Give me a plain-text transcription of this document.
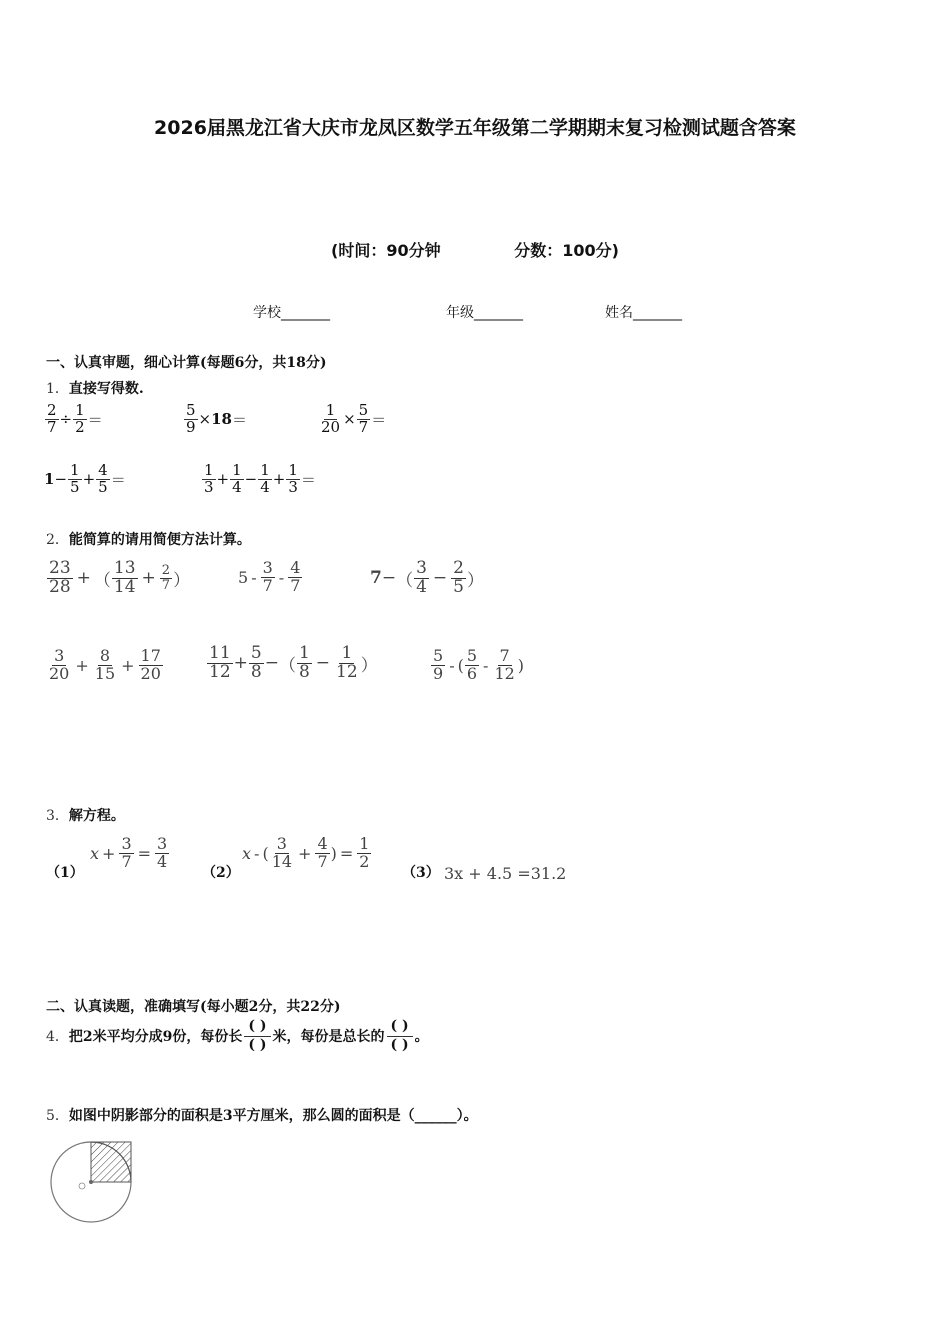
2026届黑龙江省大庆市龙凤区数学五年级第二学期期末复习检测试题含答案
(时间：90分钟	分数：100分)
学校_______	年级_______	姓名_______
一、认真审题，细心计算(每题6分，共18分)
1．直接写得数.
$\frac{2}{7} \div \frac{1}{2}$ ＝	$\frac{5}{9} \times 18$ ＝	$\frac{1}{20} \times \frac{5}{7}$ ＝
$1 - \frac{1}{5} + \frac{4}{5}$ ＝
1
$3 + \frac{1}{4} - \frac{1}{4} + \frac{1}{3}$ ＝
2．能简算的请用简便方法计算。
23
28 + （
13
$14 + \frac{2}{7}$ ）	5 -
3
7 -
4
7	7 − （
3
$4 - \frac{2}{5}$ ）
3
$20 + \frac{8}{15} + \frac{17}{20}$	11
$12 + \frac{5}{8}$ − （
1
$8 - \frac{1}{12}$ ）
5
9 - (
5
6 -
7
12 )
3．解方程。
（1）
$x + \frac{3}{7} = \frac{3}{4}$
（2）
x - (
3
$14 + \frac{4}{7}$ ) = $\frac{1}{2}$
（3） 3x + 4.5 =31.2
二、认真读题，准确填写(每小题2分，共22分)
4． 把2米平均分成9份，每份长
( )
( ) 米，每份是总长的
( )
( ) 。
5．如图中阴影部分的面积是3平方厘米，那么圆的面积是（______）。
